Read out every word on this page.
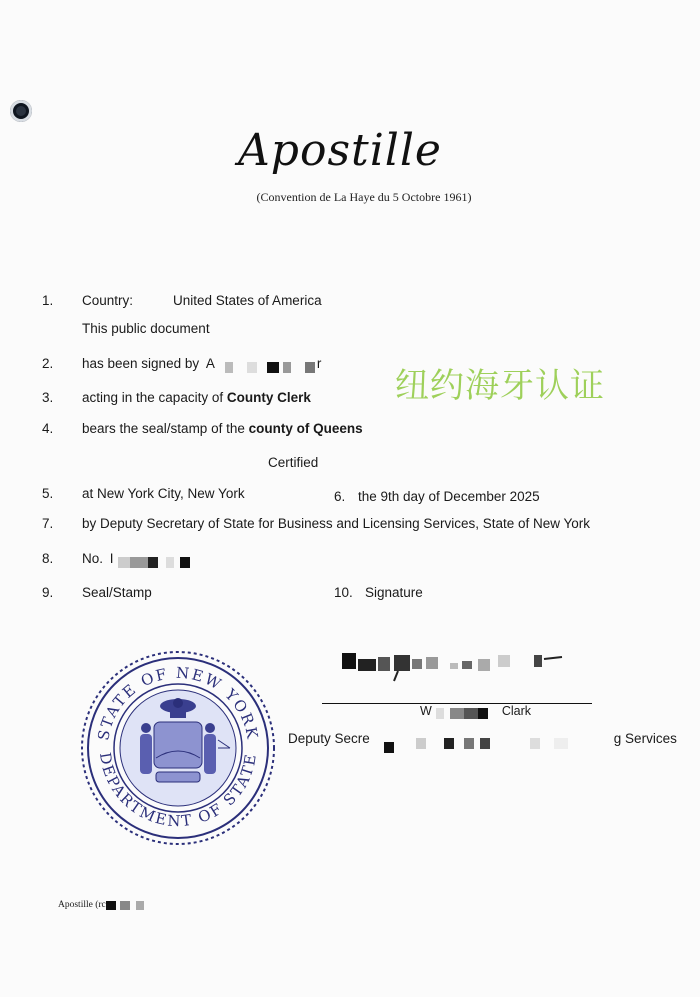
Apostille
(Convention de La Haye du 5 Octobre 1961)
1. Country:	United States of America
This public document
2. has been signed by A	r
纽约海牙认证
3. acting in the capacity of County Clerk
4. bears the seal/stamp of the county of Queens
Certified
5. at New York City, New York	6. the 9th day of December 2025
7. by Deputy Secretary of State for Business and Licensing Services, State of New York
8. No. I
9. Seal/Stamp	10. Signature
W	Clark
Deputy Secre	g Services
STATE OF NEW YORK
DEPARTMENT OF STATE
Apostille (rc
